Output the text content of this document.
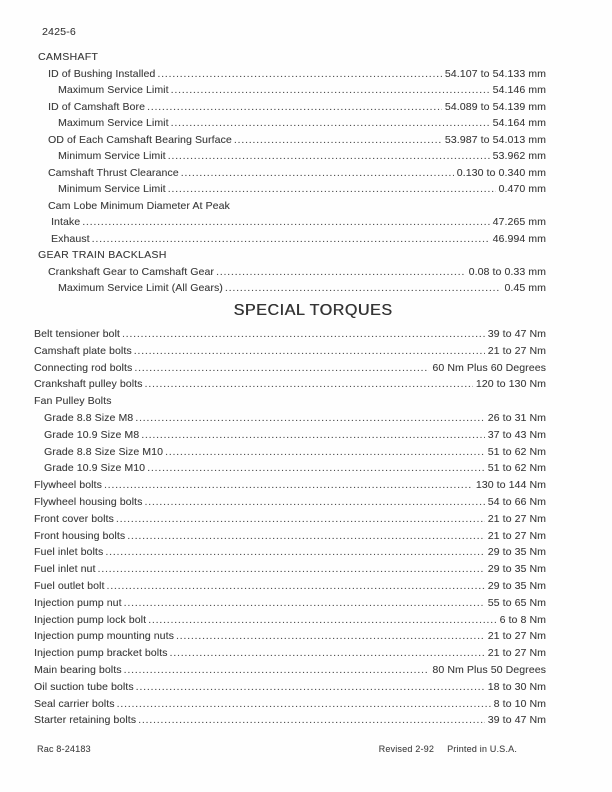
2425-6
CAMSHAFT
ID of Bushing Installed .....	54.107 to 54.133 mm
Maximum Service Limit .....	54.146 mm
ID of Camshaft Bore .....	54.089 to 54.139 mm
Maximum Service Limit .....	54.164 mm
OD of Each Camshaft Bearing Surface .....	53.987 to 54.013 mm
Minimum Service Limit .....	53.962 mm
Camshaft Thrust Clearance .....	0.130 to 0.340 mm
Minimum Service Limit .....	0.470 mm
Cam Lobe Minimum Diameter At Peak
Intake .....	47.265 mm
Exhaust .....	46.994 mm
GEAR TRAIN BACKLASH
Crankshaft Gear to Camshaft Gear .....	0.08 to 0.33 mm
Maximum Service Limit (All Gears) .....	0.45 mm
SPECIAL TORQUES
Belt tensioner bolt .....	39 to 47 Nm
Camshaft plate bolts .....	21 to 27 Nm
Connecting rod bolts .....	60 Nm Plus 60 Degrees
Crankshaft pulley bolts .....	120 to 130 Nm
Fan Pulley Bolts
Grade 8.8 Size M8 .....	26 to 31 Nm
Grade 10.9 Size M8 .....	37 to 43 Nm
Grade 8.8 Size Size M10 .....	51 to 62 Nm
Grade 10.9 Size M10 .....	51 to 62 Nm
Flywheel bolts .....	130 to 144 Nm
Flywheel housing bolts .....	54 to 66 Nm
Front cover bolts .....	21 to 27 Nm
Front housing bolts .....	21 to 27 Nm
Fuel inlet bolts .....	29 to 35 Nm
Fuel inlet nut .....	29 to 35 Nm
Fuel outlet bolt .....	29 to 35 Nm
Injection pump nut .....	55 to 65 Nm
Injection pump lock bolt .....	6 to 8 Nm
Injection pump mounting nuts .....	21 to 27 Nm
Injection pump bracket bolts .....	21 to 27 Nm
Main bearing bolts .....	80 Nm Plus 50 Degrees
Oil suction tube bolts .....	18 to 30 Nm
Seal carrier bolts .....	8 to 10 Nm
Starter retaining bolts .....	39 to 47 Nm
Rac 8-24183	Revised 2-92 Printed in U.S.A.
